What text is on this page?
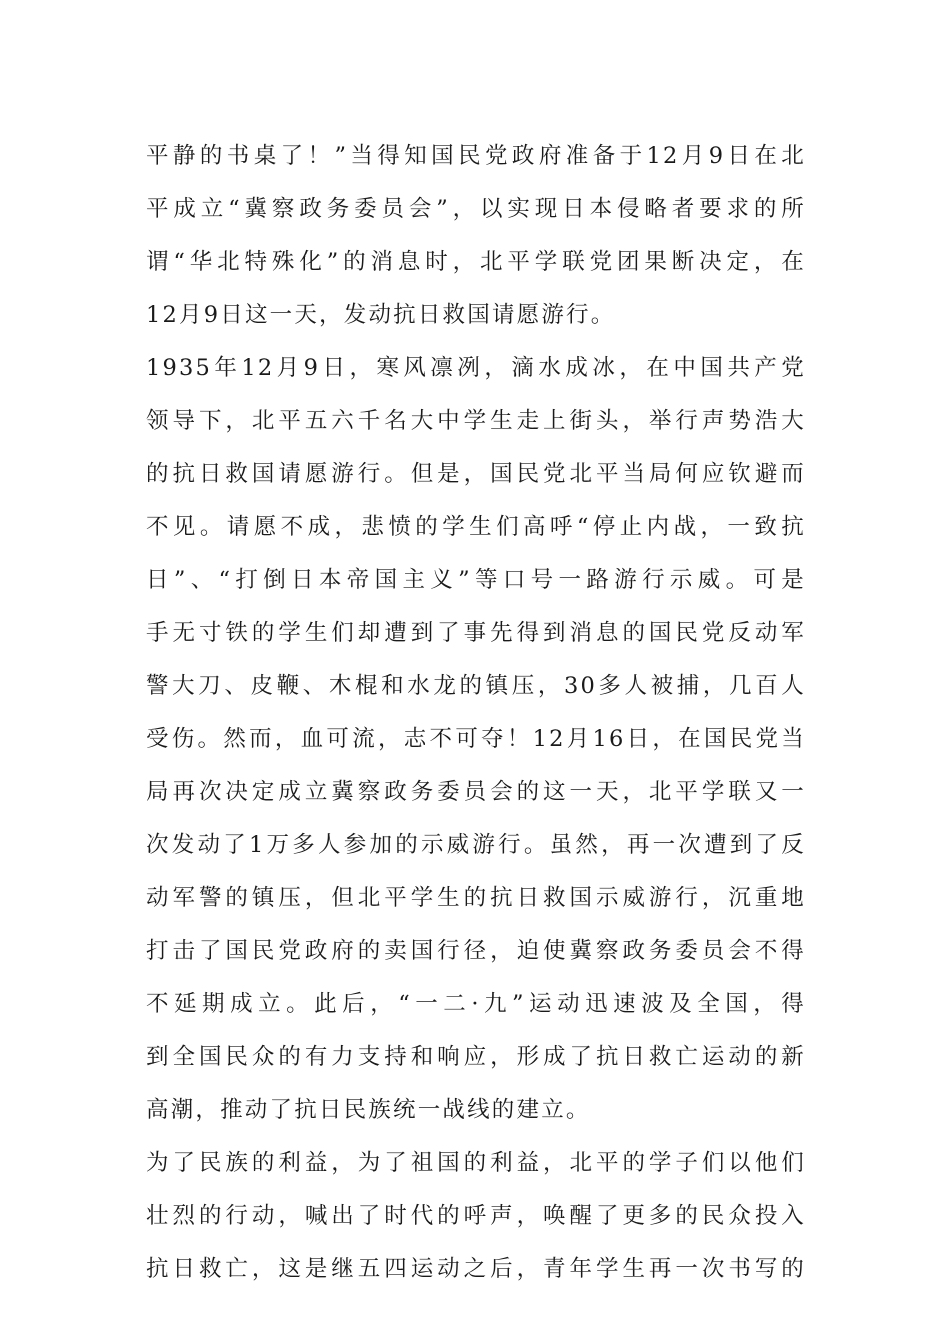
平静的书桌了！”当得知国民党政府准备于12月9日在北
平成立“冀察政务委员会”，以实现日本侵略者要求的所
谓“华北特殊化”的消息时，北平学联党团果断决定，在
12月9日这一天，发动抗日救国请愿游行。
1935年12月9日，寒风凛冽，滴水成冰，在中国共产党
领导下，北平五六千名大中学生走上街头，举行声势浩大
的抗日救国请愿游行。但是，国民党北平当局何应钦避而
不见。请愿不成，悲愤的学生们高呼“停止内战，一致抗
日”、“打倒日本帝国主义”等口号一路游行示威。可是
手无寸铁的学生们却遭到了事先得到消息的国民党反动军
警大刀、皮鞭、木棍和水龙的镇压，30多人被捕，几百人
受伤。然而，血可流，志不可夺！12月16日，在国民党当
局再次决定成立冀察政务委员会的这一天，北平学联又一
次发动了1万多人参加的示威游行。虽然，再一次遭到了反
动军警的镇压，但北平学生的抗日救国示威游行，沉重地
打击了国民党政府的卖国行径，迫使冀察政务委员会不得
不延期成立。此后，“一二·九”运动迅速波及全国，得
到全国民众的有力支持和响应，形成了抗日救亡运动的新
高潮，推动了抗日民族统一战线的建立。
为了民族的利益，为了祖国的利益，北平的学子们以他们
壮烈的行动，喊出了时代的呼声，唤醒了更多的民众投入
抗日救亡，这是继五四运动之后，青年学生再一次书写的
